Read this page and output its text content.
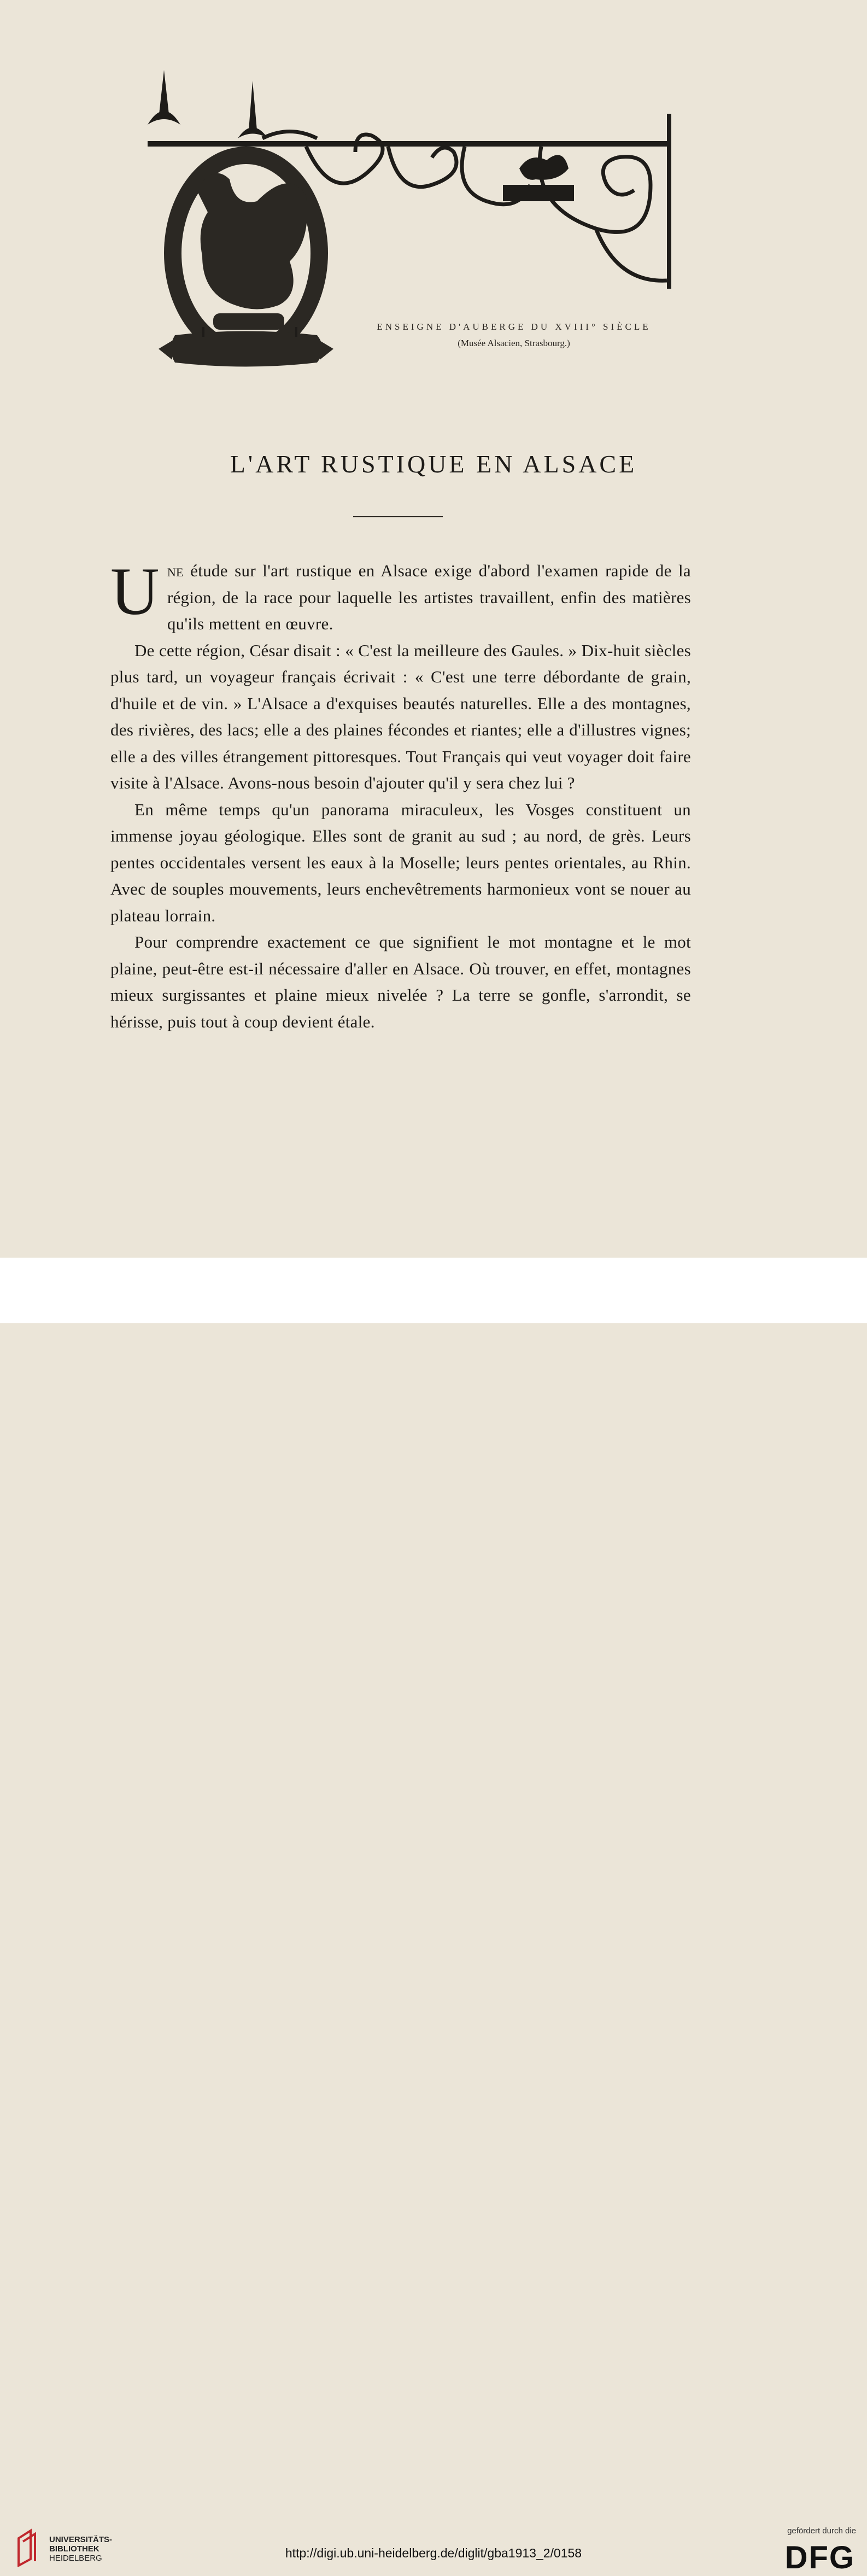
ENSEIGNE D'AUBERGE DU XVIII° SIÈCLE
(Musée Alsacien, Strasbourg.)
L'ART RUSTIQUE EN ALSACE

Une étude sur l'art rustique en Alsace exige d'abord l'examen rapide de la région, de la race pour laquelle les artistes travaillent, enfin des matières qu'ils mettent en œuvre.

De cette région, César disait : « C'est la meilleure des Gaules. » Dix-huit siècles plus tard, un voyageur français écrivait : « C'est une terre débordante de grain, d'huile et de vin. » L'Alsace a d'exquises beautés naturelles. Elle a des montagnes, des rivières, des lacs; elle a des plaines fécondes et riantes; elle a d'illustres vignes; elle a des villes étrangement pittoresques. Tout Français qui veut voyager doit faire visite à l'Alsace. Avons-nous besoin d'ajouter qu'il y sera chez lui ?

En même temps qu'un panorama miraculeux, les Vosges constituent un immense joyau géologique. Elles sont de granit au sud ; au nord, de grès. Leurs pentes occidentales versent les eaux à la Moselle; leurs pentes orientales, au Rhin. Avec de souples mouvements, leurs enchevêtrements harmonieux vont se nouer au plateau lorrain.

Pour comprendre exactement ce que signifient le mot montagne et le mot plaine, peut-être est-il nécessaire d'aller en Alsace. Où trouver, en effet, montagnes mieux surgissantes et plaine mieux nivelée ? La terre se gonfle, s'arrondit, se hérisse, puis tout à coup devient étale.

UNIVERSITÄTS-
BIBLIOTHEK
HEIDELBERG	http://digi.ub.uni-heidelberg.de/diglit/gba1913_2/0158
gefördert durch die
DFG
